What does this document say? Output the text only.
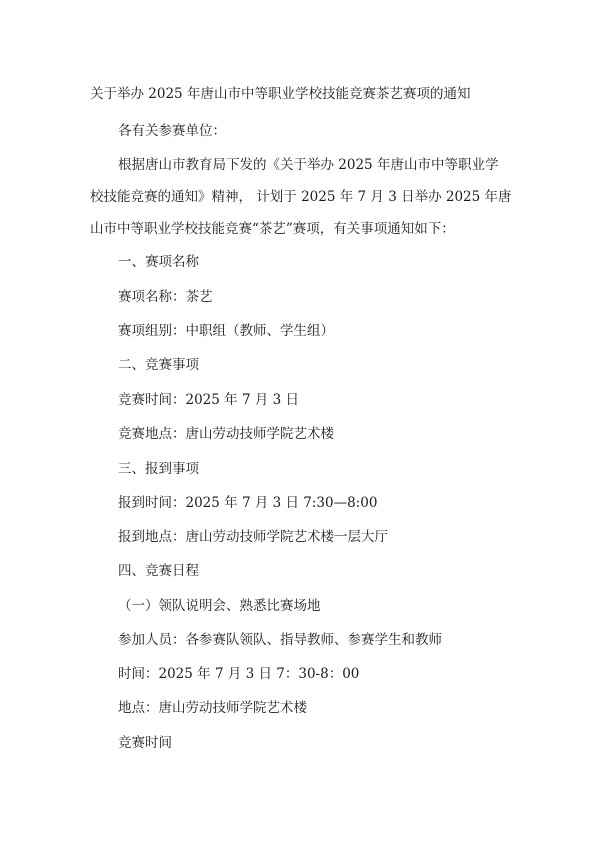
关于举办 2025 年唐山市中等职业学校技能竞赛茶艺赛项的通知
各有关参赛单位：
根据唐山市教育局下发的《关于举办 2025 年唐山市中等职业学
校技能竞赛的通知》精神， 计划于 2025 年 7 月 3 日举办 2025 年唐
山市中等职业学校技能竞赛“茶艺”赛项，有关事项通知如下：
一、赛项名称
赛项名称：茶艺
赛项组别：中职组（教师、学生组）
二、竞赛事项
竞赛时间：2025 年 7 月 3 日
竞赛地点：唐山劳动技师学院艺术楼
三、报到事项
报到时间：2025 年 7 月 3 日 7:30—8:00
报到地点：唐山劳动技师学院艺术楼一层大厅
四、竞赛日程
（一）领队说明会、熟悉比赛场地
参加人员：各参赛队领队、指导教师、参赛学生和教师
时间：2025 年 7 月 3 日 7：30-8：00
地点：唐山劳动技师学院艺术楼
竞赛时间
